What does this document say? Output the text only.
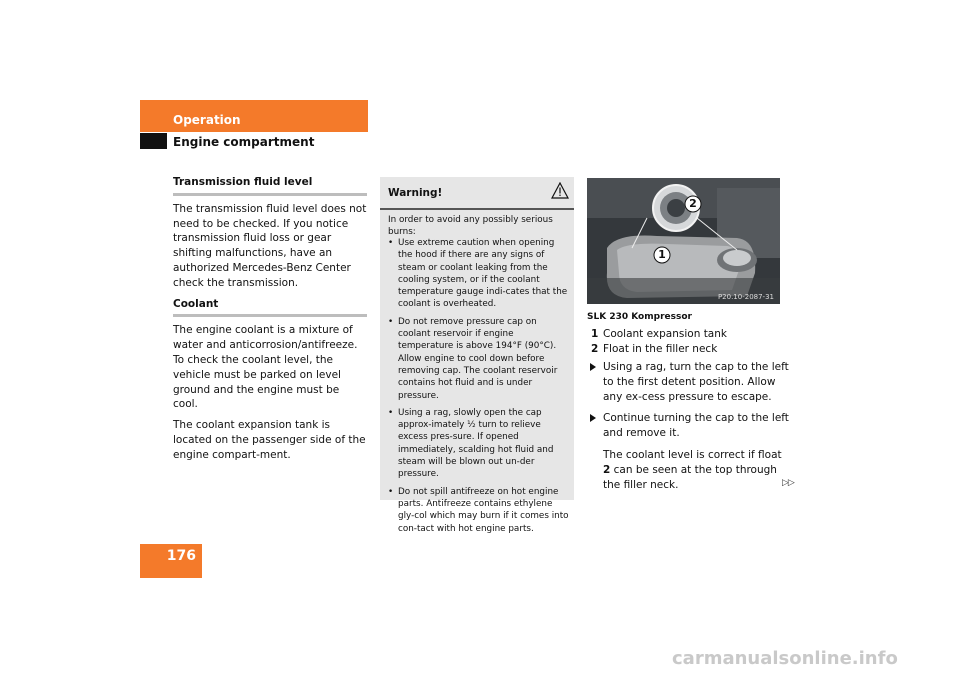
Operation
Engine compartment
Transmission fluid level

The transmission fluid level does not need to be checked. If you notice transmission fluid loss or gear shifting malfunctions, have an authorized Mercedes-Benz Center check the transmission.

Coolant

The engine coolant is a mixture of water and anticorrosion/antifreeze. To check the coolant level, the vehicle must be parked on level ground and the engine must be cool.

The coolant expansion tank is located on the passenger side of the engine compart-ment.

Warning!
In order to avoid any possibly serious burns:
• Use extreme caution when opening the hood if there are any signs of steam or coolant leaking from the cooling system, or if the coolant temperature gauge indi-cates that the coolant is overheated.
• Do not remove pressure cap on coolant reservoir if engine temperature is above 194°F (90°C). Allow engine to cool down before removing cap. The coolant reservoir contains hot fluid and is under pressure.
• Using a rag, slowly open the cap approx-imately ½ turn to relieve excess pres-sure. If opened immediately, scalding hot fluid and steam will be blown out un-der pressure.
• Do not spill antifreeze on hot engine parts. Antifreeze contains ethylene gly-col which may burn if it comes into con-tact with hot engine parts.
2
1
P20.10-2087-31
SLK 230 Kompressor
1 Coolant expansion tank
2 Float in the filler neck
Using a rag, turn the cap to the left to the first detent position. Allow any ex-cess pressure to escape.
Continue turning the cap to the left and remove it.
The coolant level is correct if float 2 can be seen at the top through the filler neck.	▷▷
176
carmanualsonline.info
